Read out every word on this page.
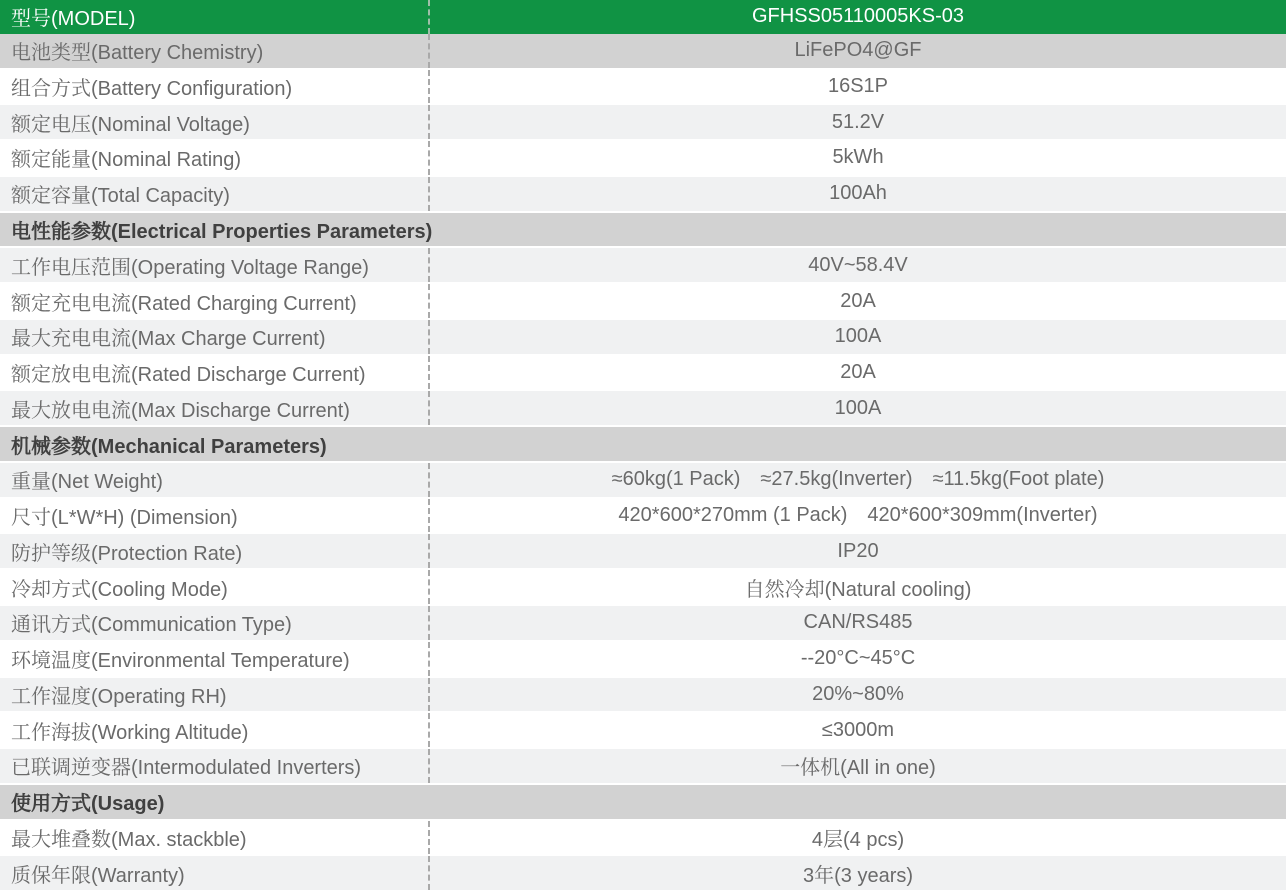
型号(MODEL)	GFHSS05110005KS-03
电池类型(Battery Chemistry)	LiFePO4@GF
组合方式(Battery Configuration)	16S1P
额定电压(Nominal Voltage)	51.2V
额定能量(Nominal Rating)	5kWh
额定容量(Total Capacity)	100Ah
电性能参数(Electrical Properties Parameters)
工作电压范围(Operating Voltage Range)	40V~58.4V
额定充电电流(Rated Charging Current)	20A
最大充电电流(Max Charge Current)	100A
额定放电电流(Rated Discharge Current)	20A
最大放电电流(Max Discharge Current)	100A
机械参数(Mechanical Parameters)
重量(Net Weight)	≈60kg(1 Pack) ≈27.5kg(Inverter) ≈11.5kg(Foot plate)
尺寸(L*W*H) (Dimension)	420*600*270mm (1 Pack) 420*600*309mm(Inverter)
防护等级(Protection Rate)	IP20
冷却方式(Cooling Mode)	自然冷却(Natural cooling)
通讯方式(Communication Type)	CAN/RS485
环境温度(Environmental Temperature)	--20°C~45°C
工作湿度(Operating RH)	20%~80%
工作海拔(Working Altitude)	≤3000m
已联调逆变器(Intermodulated Inverters)	一体机(All in one)
使用方式(Usage)
最大堆叠数(Max. stackble)	4层(4 pcs)
质保年限(Warranty)	3年(3 years)
